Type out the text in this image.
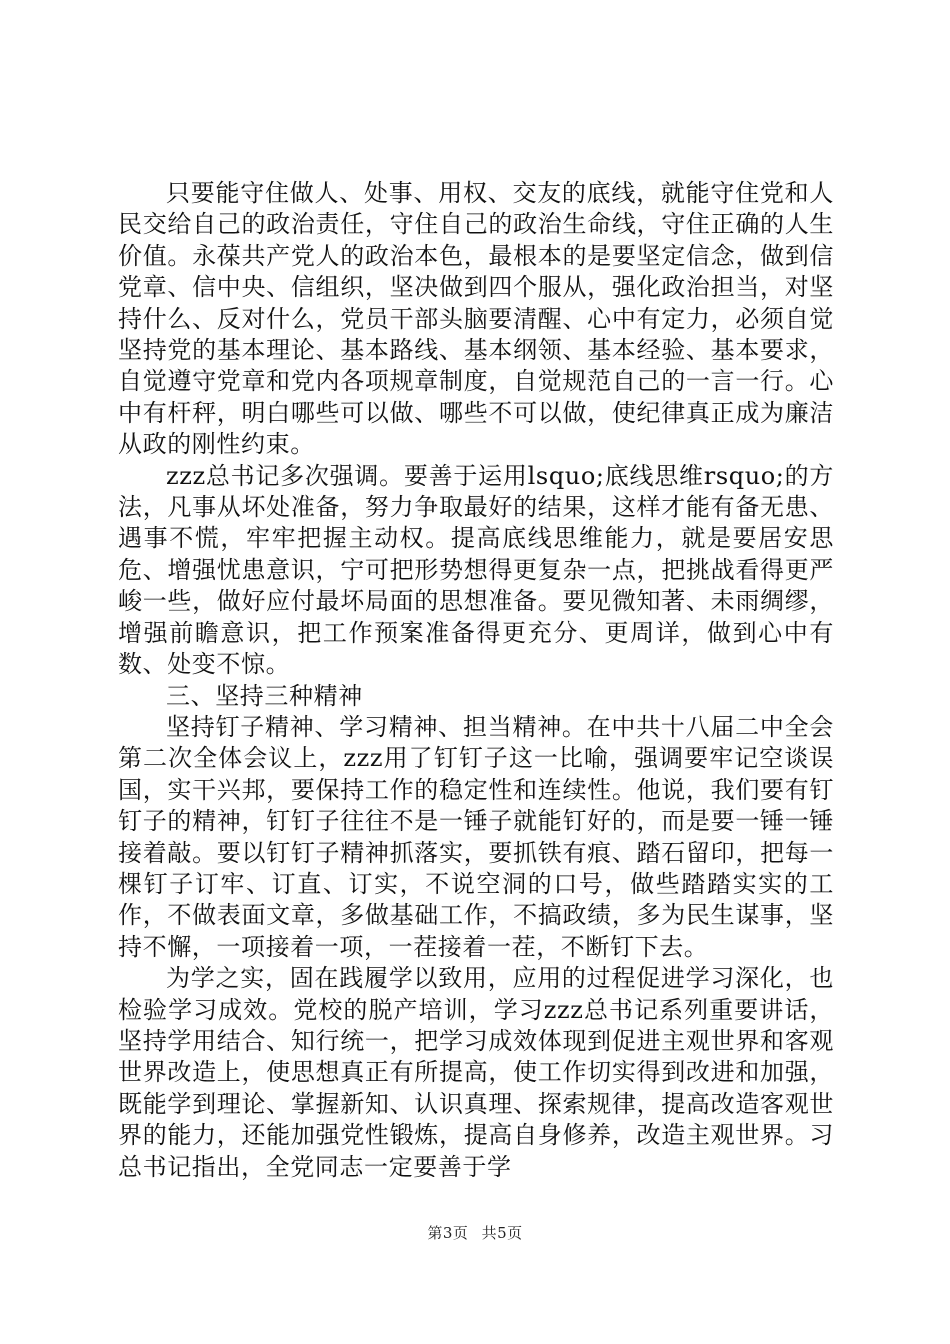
只要能守住做人、处事、用权、交友的底线，就能守住党和人民交给自己的政治责任，守住自己的政治生命线，守住正确的人生价值。永葆共产党人的政治本色，最根本的是要坚定信念，做到信党章、信中央、信组织，坚决做到四个服从，强化政治担当，对坚持什么、反对什么，党员干部头脑要清醒、心中有定力，必须自觉坚持党的基本理论、基本路线、基本纲领、基本经验、基本要求，自觉遵守党章和党内各项规章制度，自觉规范自己的一言一行。心中有杆秤，明白哪些可以做、哪些不可以做，使纪律真正成为廉洁从政的刚性约束。

zzz总书记多次强调。要善于运用lsquo;底线思维rsquo;的方法，凡事从坏处准备，努力争取最好的结果，这样才能有备无患、遇事不慌，牢牢把握主动权。提高底线思维能力，就是要居安思危、增强忧患意识，宁可把形势想得更复杂一点，把挑战看得更严峻一些，做好应付最坏局面的思想准备。要见微知著、未雨绸缪，增强前瞻意识，把工作预案准备得更充分、更周详，做到心中有数、处变不惊。

三、坚持三种精神

坚持钉子精神、学习精神、担当精神。在中共十八届二中全会第二次全体会议上，zzz用了钉钉子这一比喻，强调要牢记空谈误国，实干兴邦，要保持工作的稳定性和连续性。他说，我们要有钉钉子的精神，钉钉子往往不是一锤子就能钉好的，而是要一锤一锤接着敲。要以钉钉子精神抓落实，要抓铁有痕、踏石留印，把每一棵钉子订牢、订直、订实，不说空洞的口号，做些踏踏实实的工作，不做表面文章，多做基础工作，不搞政绩，多为民生谋事，坚持不懈，一项接着一项，一茬接着一茬，不断钉下去。

为学之实，固在践履学以致用，应用的过程促进学习深化，也检验学习成效。党校的脱产培训，学习zzz总书记系列重要讲话，坚持学用结合、知行统一，把学习成效体现到促进主观世界和客观世界改造上，使思想真正有所提高，使工作切实得到改进和加强，既能学到理论、掌握新知、认识真理、探索规律，提高改造客观世界的能力，还能加强党性锻炼，提高自身修养，改造主观世界。习总书记指出，全党同志一定要善于学

第3页 共5页
